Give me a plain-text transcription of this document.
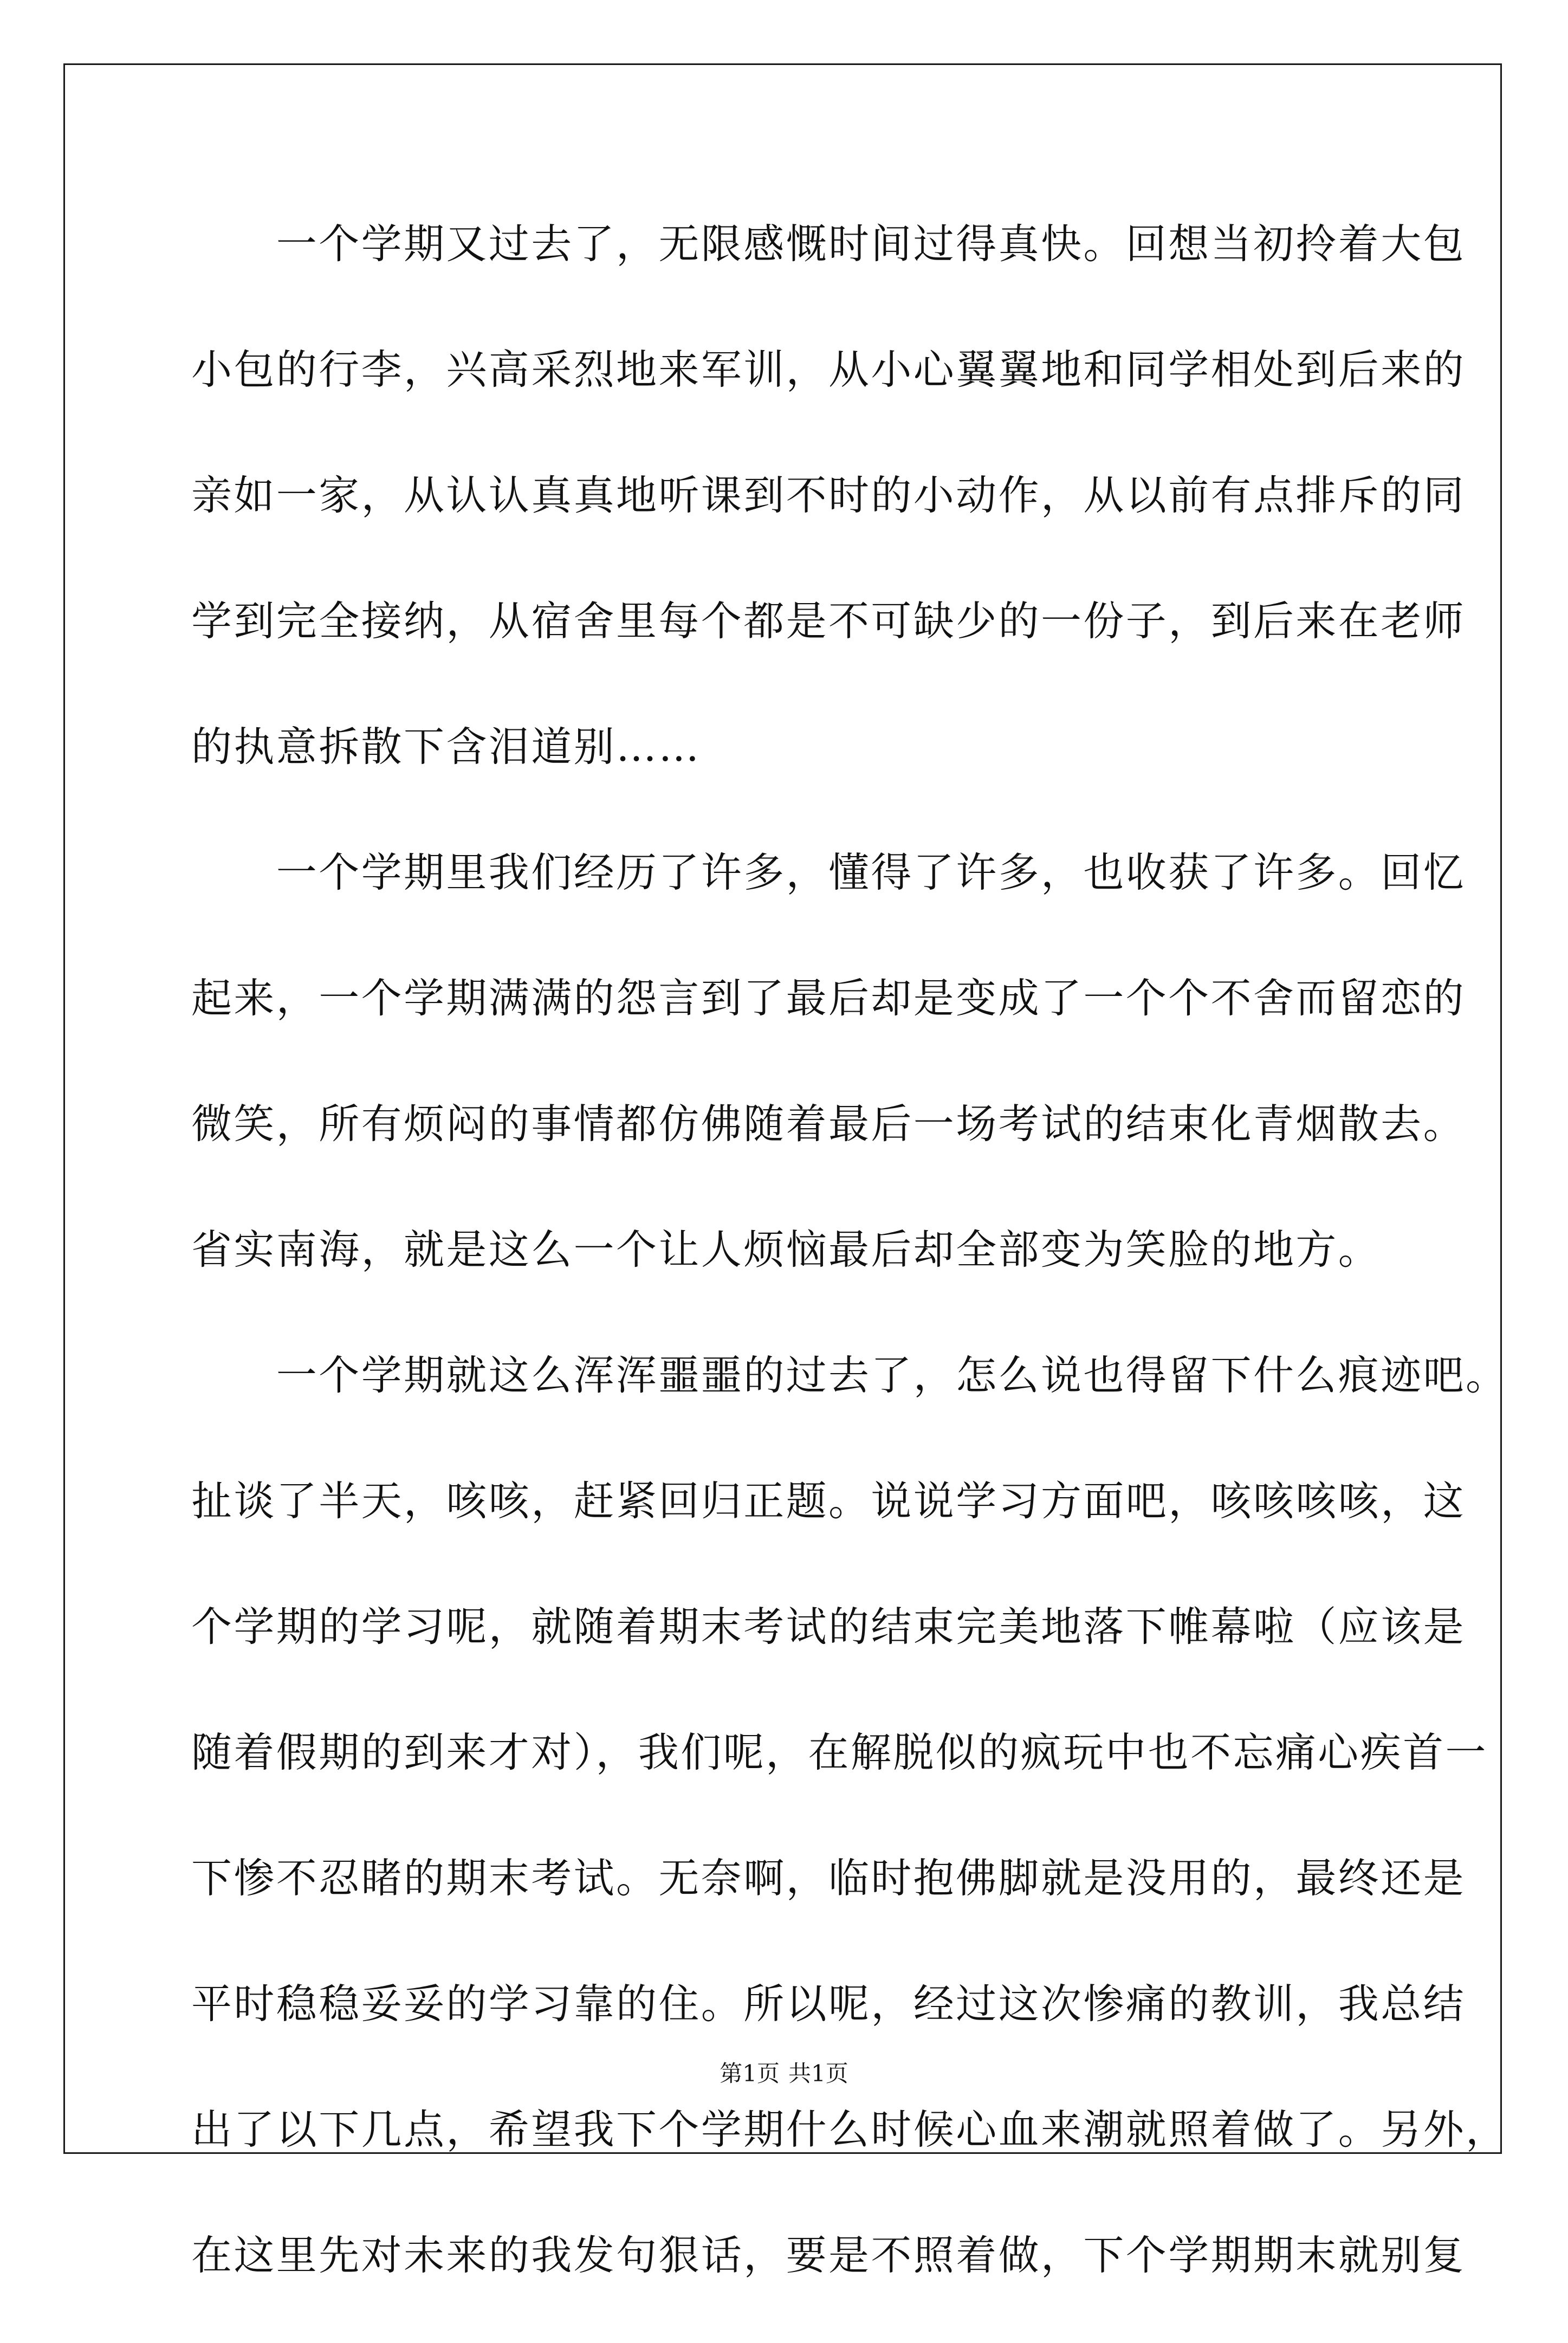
　　一个学期又过去了，无限感慨时间过得真快。回想当初拎着大包
小包的行李，兴高采烈地来军训，从小心翼翼地和同学相处到后来的
亲如一家，从认认真真地听课到不时的小动作，从以前有点排斥的同
学到完全接纳，从宿舍里每个都是不可缺少的一份子，到后来在老师
的执意拆散下含泪道别……
　　一个学期里我们经历了许多，懂得了许多，也收获了许多。回忆
起来，一个学期满满的怨言到了最后却是变成了一个个不舍而留恋的
微笑，所有烦闷的事情都仿佛随着最后一场考试的结束化青烟散去。
省实南海，就是这么一个让人烦恼最后却全部变为笑脸的地方。
　　一个学期就这么浑浑噩噩的过去了，怎么说也得留下什么痕迹吧。
扯谈了半天，咳咳，赶紧回归正题。说说学习方面吧，咳咳咳咳，这
个学期的学习呢，就随着期末考试的结束完美地落下帷幕啦（应该是
随着假期的到来才对），我们呢，在解脱似的疯玩中也不忘痛心疾首一
下惨不忍睹的期末考试。无奈啊，临时抱佛脚就是没用的，最终还是
平时稳稳妥妥的学习靠的住。所以呢，经过这次惨痛的教训，我总结
出了以下几点，希望我下个学期什么时候心血来潮就照着做了。另外，
在这里先对未来的我发句狠话，要是不照着做，下个学期期末就别复
第1页 共1页
